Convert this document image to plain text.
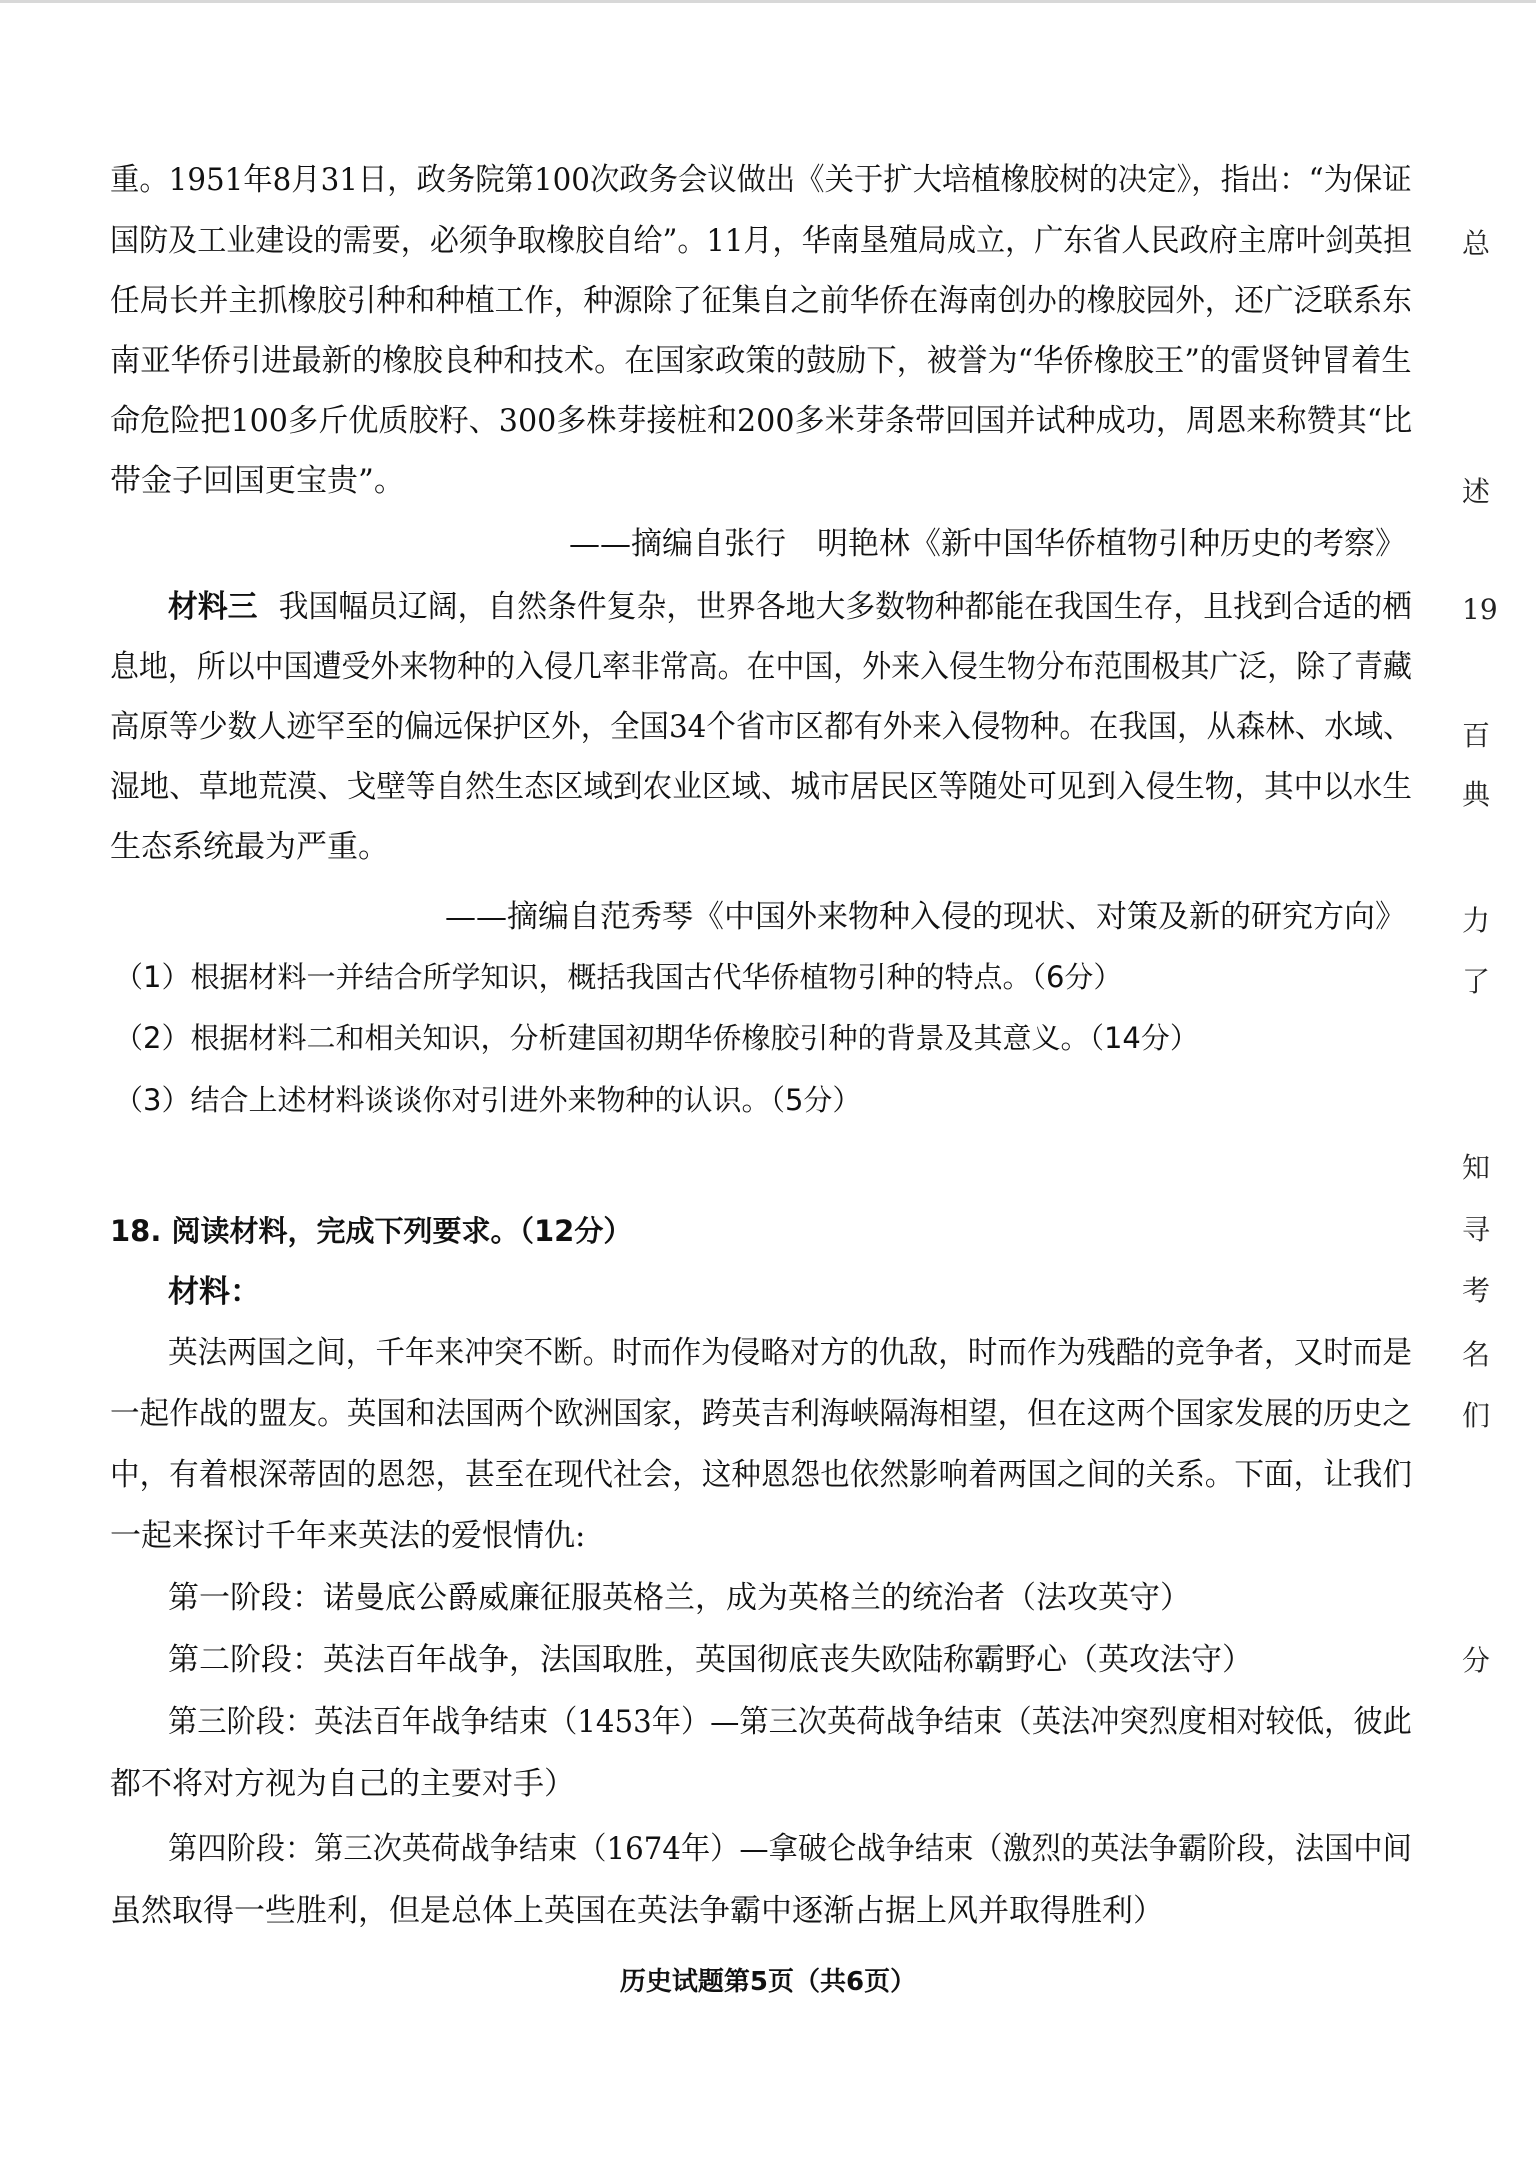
重。1951年8月31日，政务院第100次政务会议做出《关于扩大培植橡胶树的决定》，指出：“为保证
国防及工业建设的需要，必须争取橡胶自给”。11月，华南垦殖局成立，广东省人民政府主席叶剑英担
任局长并主抓橡胶引种和种植工作，种源除了征集自之前华侨在海南创办的橡胶园外，还广泛联系东
南亚华侨引进最新的橡胶良种和技术。在国家政策的鼓励下，被誉为“华侨橡胶王”的雷贤钟冒着生
命危险把100多斤优质胶籽、300多株芽接桩和200多米芽条带回国并试种成功，周恩来称赞其“比
带金子回国更宝贵”。
——摘编自张行　明艳林《新中国华侨植物引种历史的考察》
材料三 我国幅员辽阔，自然条件复杂，世界各地大多数物种都能在我国生存，且找到合适的栖
息地，所以中国遭受外来物种的入侵几率非常高。在中国，外来入侵生物分布范围极其广泛，除了青藏
高原等少数人迹罕至的偏远保护区外，全国34个省市区都有外来入侵物种。在我国，从森林、水域、
湿地、草地荒漠、戈壁等自然生态区域到农业区域、城市居民区等随处可见到入侵生物，其中以水生
生态系统最为严重。
——摘编自范秀琴《中国外来物种入侵的现状、对策及新的研究方向》
（1）根据材料一并结合所学知识，概括我国古代华侨植物引种的特点。（6分）
（2）根据材料二和相关知识，分析建国初期华侨橡胶引种的背景及其意义。（14分）
（3）结合上述材料谈谈你对引进外来物种的认识。（5分）
18. 阅读材料，完成下列要求。（12分）
材料：
英法两国之间，千年来冲突不断。时而作为侵略对方的仇敌，时而作为残酷的竞争者，又时而是
一起作战的盟友。英国和法国两个欧洲国家，跨英吉利海峡隔海相望，但在这两个国家发展的历史之
中，有着根深蒂固的恩怨，甚至在现代社会，这种恩怨也依然影响着两国之间的关系。下面，让我们
一起来探讨千年来英法的爱恨情仇:
第一阶段：诺曼底公爵威廉征服英格兰，成为英格兰的统治者（法攻英守）
第二阶段：英法百年战争，法国取胜，英国彻底丧失欧陆称霸野心（英攻法守）
第三阶段：英法百年战争结束（1453年）—第三次英荷战争结束（英法冲突烈度相对较低，彼此
都不将对方视为自己的主要对手）
第四阶段：第三次英荷战争结束（1674年）—拿破仑战争结束（激烈的英法争霸阶段，法国中间
虽然取得一些胜利，但是总体上英国在英法争霸中逐渐占据上风并取得胜利）
历史试题第5页（共6页）
总
述
19
百
典
力
了
知
寻
考
名
们
分
